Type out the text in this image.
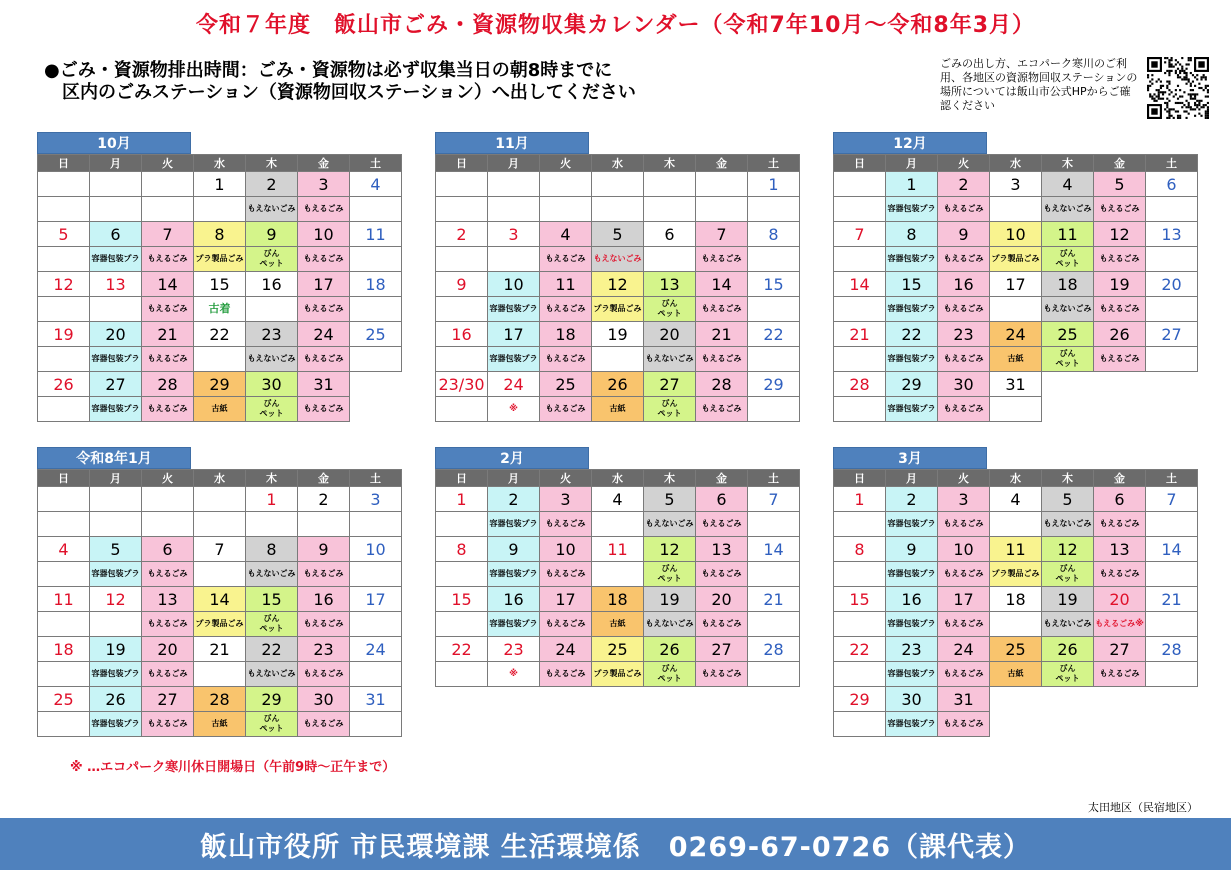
令和７年度　飯山市ごみ・資源物収集カレンダー（令和7年10月～令和8年3月）
●ごみ・資源物排出時間：ごみ・資源物は必ず収集当日の朝8時までに
　区内のごみステーション（資源物回収ステーション）へ出してください
ごみの出し方、エコパーク寒川のご利用、各地区の資源物回収ステーションの場所については飯山市公式HPからご確認ください
10月
日	月	火	水	木	金	土
			1	2	3	4
				もえないごみ	もえるごみ	
5	6	7	8	9	10	11
	容器包装プラ	もえるごみ	プラ製品ごみ	びん
ペット	もえるごみ	
12	13	14	15	16	17	18
		もえるごみ	古着		もえるごみ	
19	20	21	22	23	24	25
	容器包装プラ	もえるごみ		もえないごみ	もえるごみ	
26	27	28	29	30	31	
	容器包装プラ	もえるごみ	古紙	びん
ペット	もえるごみ	
11月
日	月	火	水	木	金	土
						1

2	3	4	5	6	7	8
		もえるごみ	もえないごみ		もえるごみ	
9	10	11	12	13	14	15
	容器包装プラ	もえるごみ	プラ製品ごみ	びん
ペット	もえるごみ	
16	17	18	19	20	21	22
	容器包装プラ	もえるごみ		もえないごみ	もえるごみ	
23/30	24	25	26	27	28	29
	※	もえるごみ	古紙	びん
ペット	もえるごみ	
12月
日	月	火	水	木	金	土
	1	2	3	4	5	6
	容器包装プラ	もえるごみ		もえないごみ	もえるごみ	
7	8	9	10	11	12	13
	容器包装プラ	もえるごみ	プラ製品ごみ	びん
ペット	もえるごみ	
14	15	16	17	18	19	20
	容器包装プラ	もえるごみ		もえないごみ	もえるごみ	
21	22	23	24	25	26	27
	容器包装プラ	もえるごみ	古紙	びん
ペット	もえるごみ	
28	29	30	31			
	容器包装プラ	もえるごみ				
令和8年1月
日	月	火	水	木	金	土
				1	2	3

4	5	6	7	8	9	10
	容器包装プラ	もえるごみ		もえないごみ	もえるごみ	
11	12	13	14	15	16	17
		もえるごみ	プラ製品ごみ	びん
ペット	もえるごみ	
18	19	20	21	22	23	24
	容器包装プラ	もえるごみ		もえないごみ	もえるごみ	
25	26	27	28	29	30	31
	容器包装プラ	もえるごみ	古紙	びん
ペット	もえるごみ	
2月
日	月	火	水	木	金	土
1	2	3	4	5	6	7
	容器包装プラ	もえるごみ		もえないごみ	もえるごみ	
8	9	10	11	12	13	14
	容器包装プラ	もえるごみ		びん
ペット	もえるごみ	
15	16	17	18	19	20	21
	容器包装プラ	もえるごみ	古紙	もえないごみ	もえるごみ	
22	23	24	25	26	27	28
	※	もえるごみ	プラ製品ごみ	びん
ペット	もえるごみ	
3月
日	月	火	水	木	金	土
1	2	3	4	5	6	7
	容器包装プラ	もえるごみ		もえないごみ	もえるごみ	
8	9	10	11	12	13	14
	容器包装プラ	もえるごみ	プラ製品ごみ	びん
ペット	もえるごみ	
15	16	17	18	19	20	21
	容器包装プラ	もえるごみ		もえないごみ	もえるごみ※	
22	23	24	25	26	27	28
	容器包装プラ	もえるごみ	古紙	びん
ペット	もえるごみ	
29	30	31				
	容器包装プラ	もえるごみ				
※ …エコパーク寒川休日開場日（午前9時～正午まで）
太田地区（民宿地区）
飯山市役所 市民環境課 生活環境係　0269-67-0726（課代表）
